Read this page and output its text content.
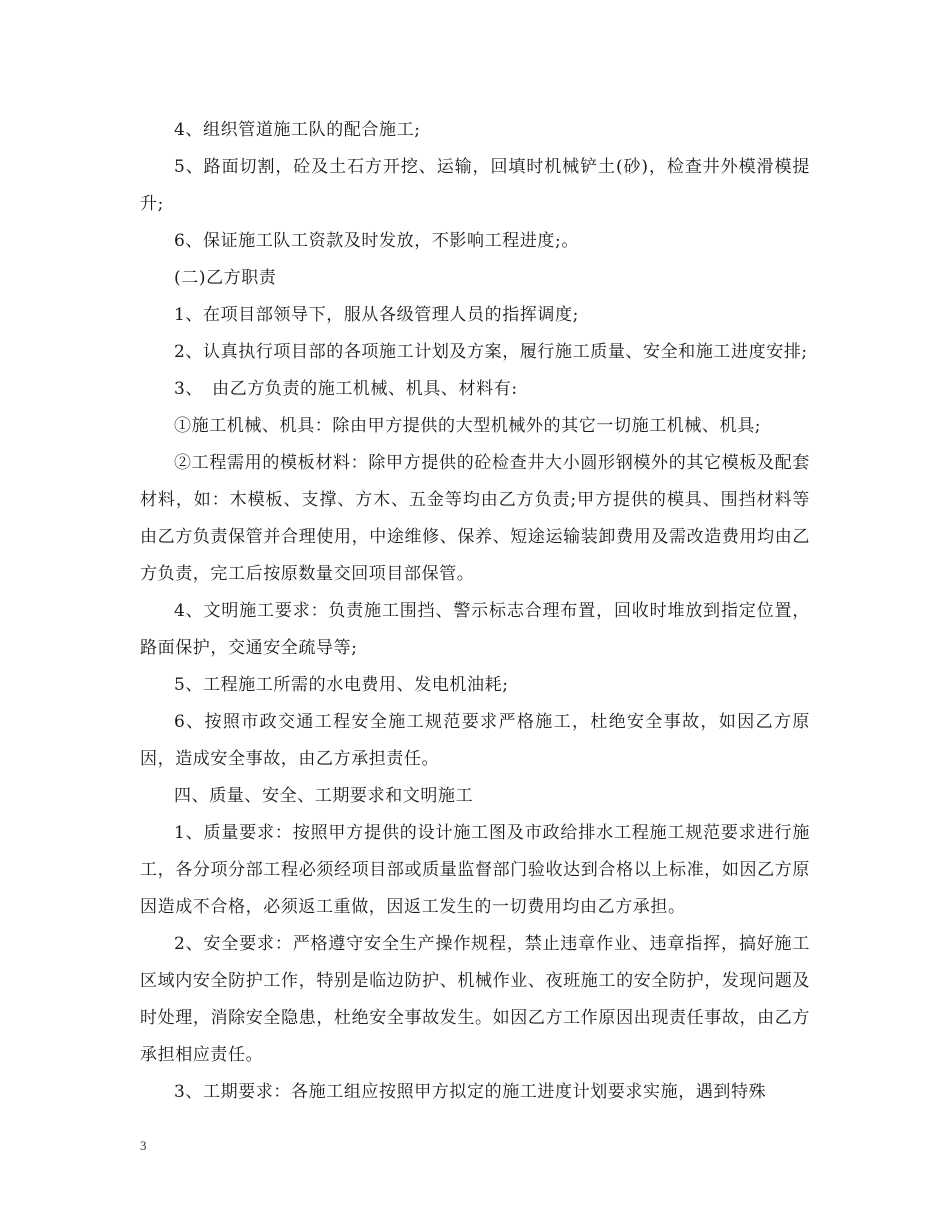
4、组织管道施工队的配合施工;

5、路面切割，砼及土石方开挖、运输，回填时机械铲土(砂)，检查井外模滑模提升;

6、保证施工队工资款及时发放，不影响工程进度;。

(二)乙方职责

1、在项目部领导下，服从各级管理人员的指挥调度;

2、认真执行项目部的各项施工计划及方案，履行施工质量、安全和施工进度安排;

3、　由乙方负责的施工机械、机具、材料有:

①施工机械、机具：除由甲方提供的大型机械外的其它一切施工机械、机具;

②工程需用的模板材料：除甲方提供的砼检查井大小圆形钢模外的其它模板及配套材料，如：木模板、支撑、方木、五金等均由乙方负责;甲方提供的模具、围挡材料等由乙方负责保管并合理使用，中途维修、保养、短途运输装卸费用及需改造费用均由乙方负责，完工后按原数量交回项目部保管。

4、文明施工要求：负责施工围挡、警示标志合理布置，回收时堆放到指定位置，路面保护，交通安全疏导等;

5、工程施工所需的水电费用、发电机油耗;

6、按照市政交通工程安全施工规范要求严格施工，杜绝安全事故，如因乙方原因，造成安全事故，由乙方承担责任。

四、质量、安全、工期要求和文明施工

1、质量要求：按照甲方提供的设计施工图及市政给排水工程施工规范要求进行施工，各分项分部工程必须经项目部或质量监督部门验收达到合格以上标准，如因乙方原因造成不合格，必须返工重做，因返工发生的一切费用均由乙方承担。

2、安全要求：严格遵守安全生产操作规程，禁止违章作业、违章指挥，搞好施工区域内安全防护工作，特别是临边防护、机械作业、夜班施工的安全防护，发现问题及时处理，消除安全隐患，杜绝安全事故发生。如因乙方工作原因出现责任事故，由乙方承担相应责任。

3、工期要求：各施工组应按照甲方拟定的施工进度计划要求实施，遇到特殊

3
